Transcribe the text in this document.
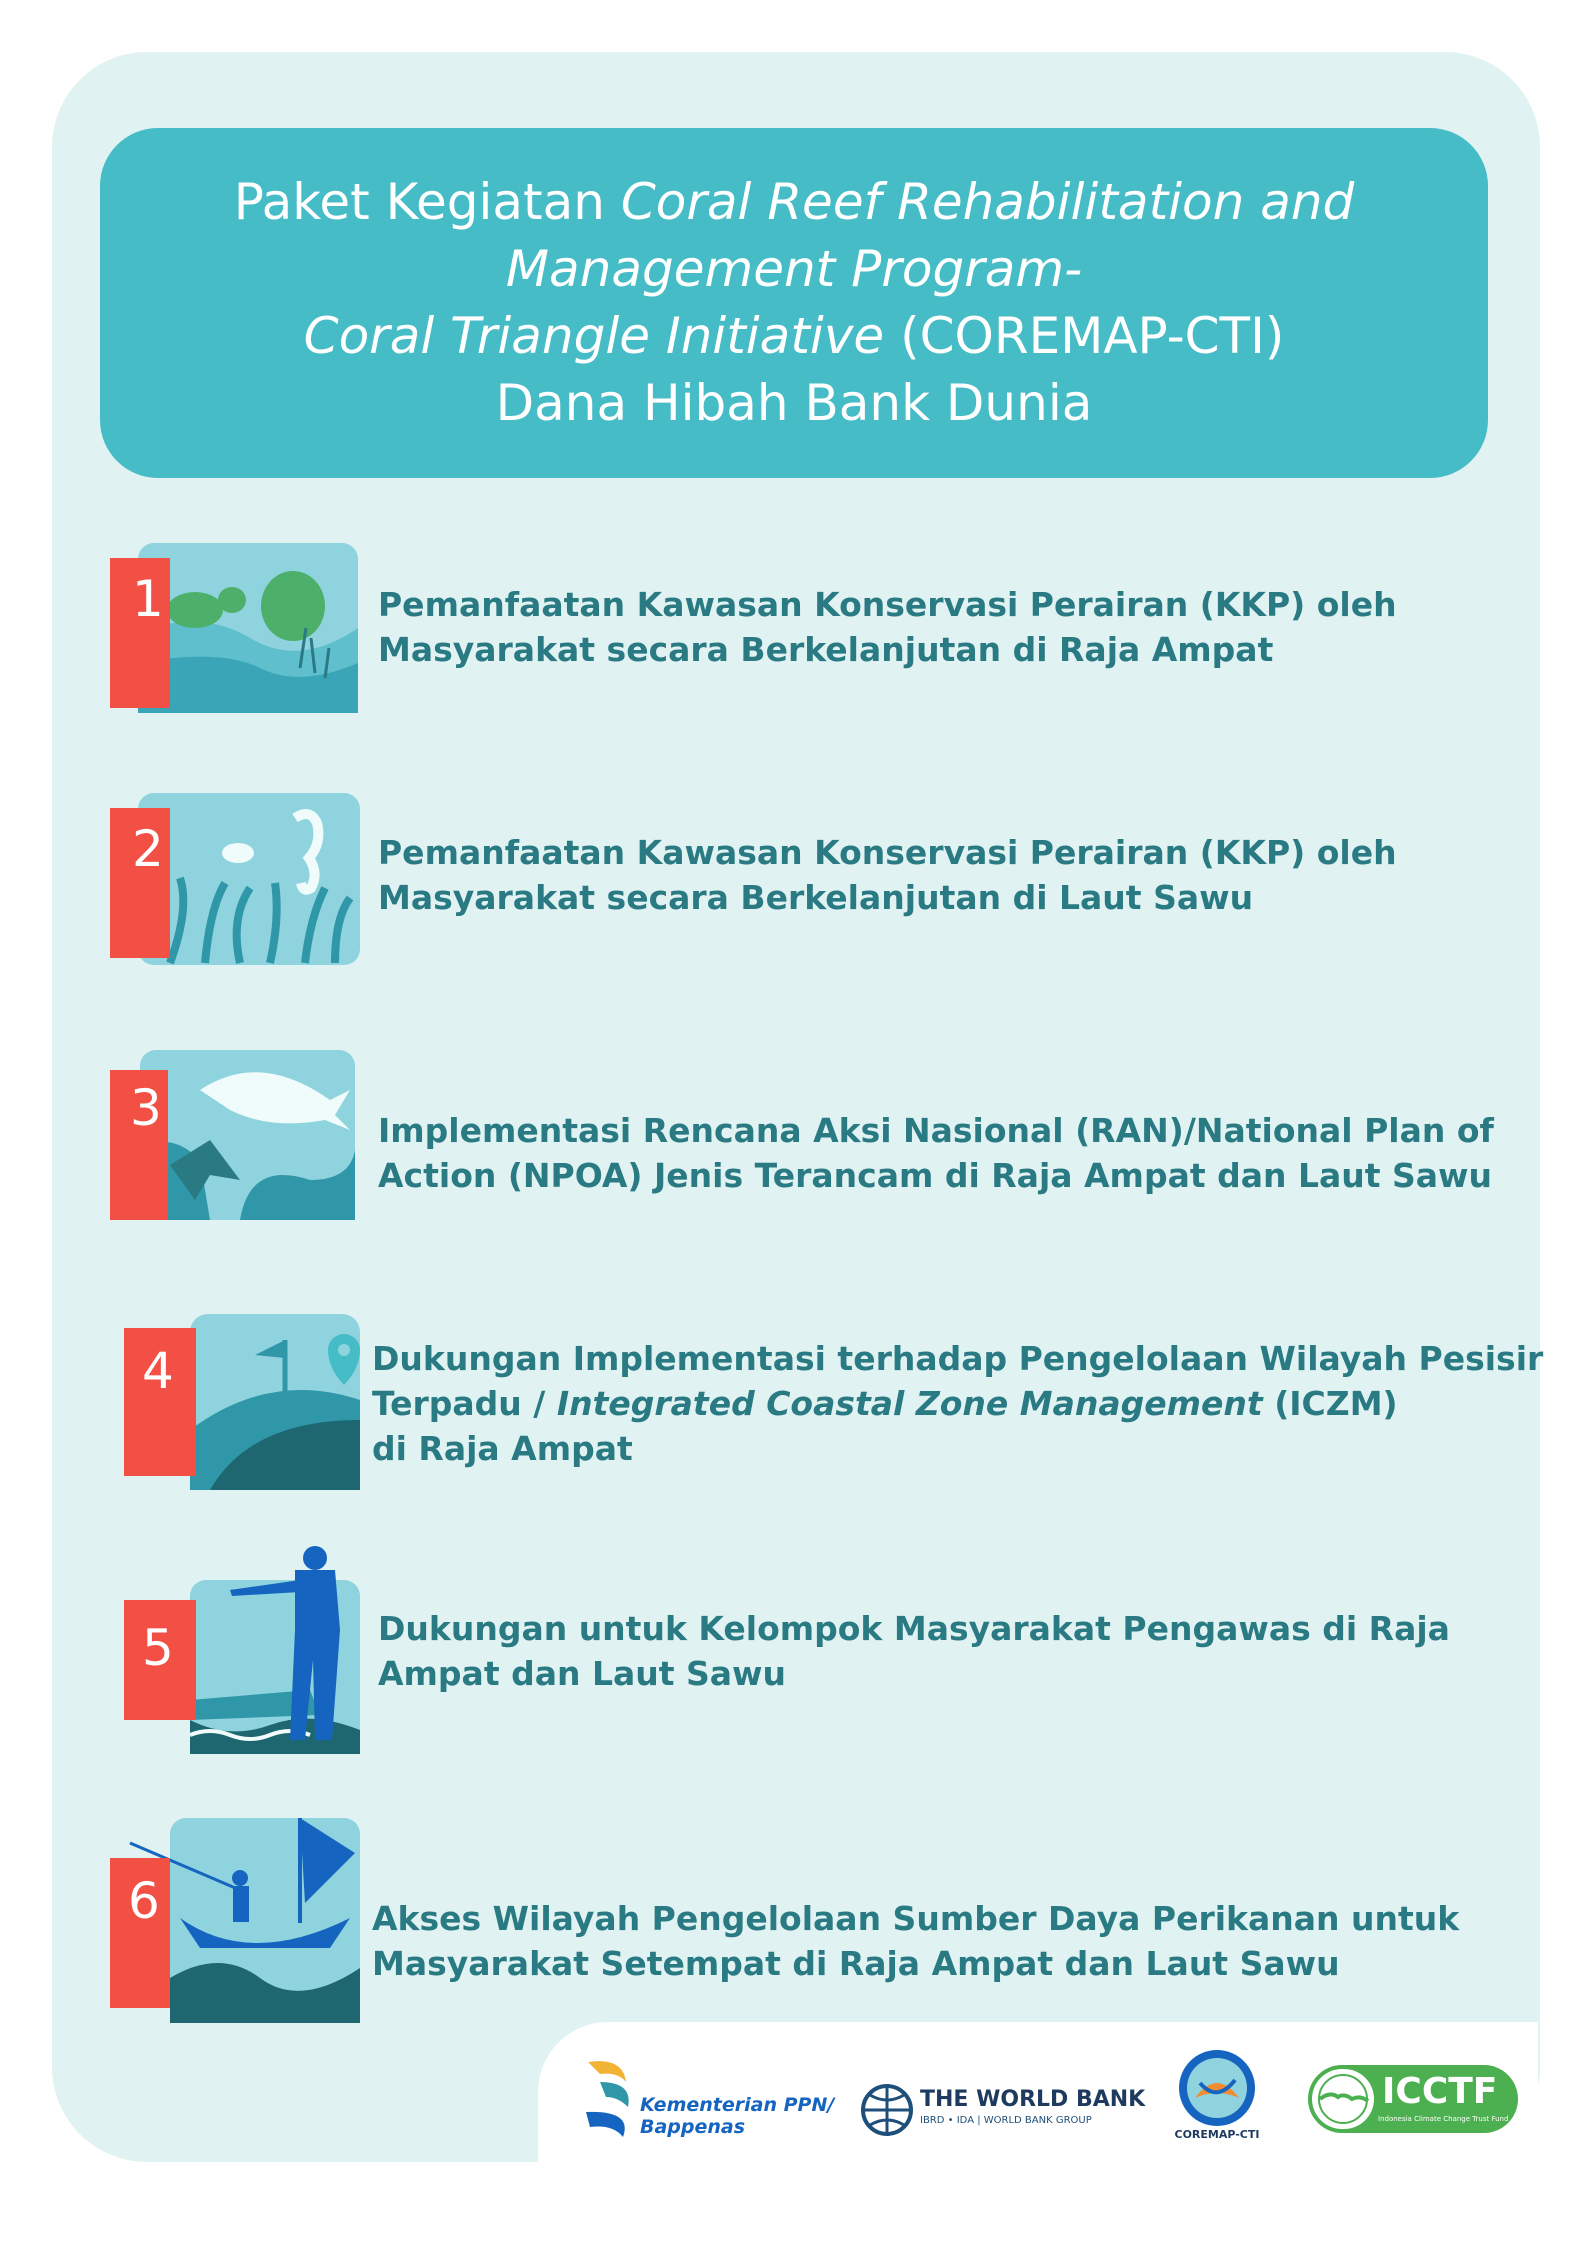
Paket Kegiatan Coral Reef Rehabilitation and
Management Program-
Coral Triangle Initiative (COREMAP-CTI)
Dana Hibah Bank Dunia
1	Pemanfaatan Kawasan Konservasi Perairan (KKP) oleh
Masyarakat secara Berkelanjutan di Raja Ampat
2	Pemanfaatan Kawasan Konservasi Perairan (KKP) oleh
Masyarakat secara Berkelanjutan di Laut Sawu
3	Implementasi Rencana Aksi Nasional (RAN)/National Plan of
Action (NPOA) Jenis Terancam di Raja Ampat dan Laut Sawu
4	Dukungan Implementasi terhadap Pengelolaan Wilayah Pesisir
Terpadu / Integrated Coastal Zone Management (ICZM)
di Raja Ampat
5	Dukungan untuk Kelompok Masyarakat Pengawas di Raja
Ampat dan Laut Sawu
6	Akses Wilayah Pengelolaan Sumber Daya Perikanan untuk
Masyarakat Setempat di Raja Ampat dan Laut Sawu
Kementerian PPN/
Bappenas
THE WORLD BANK
IBRD • IDA | WORLD BANK GROUP
COREMAP-CTI
ICCTF
Indonesia Climate Change Trust Fund
